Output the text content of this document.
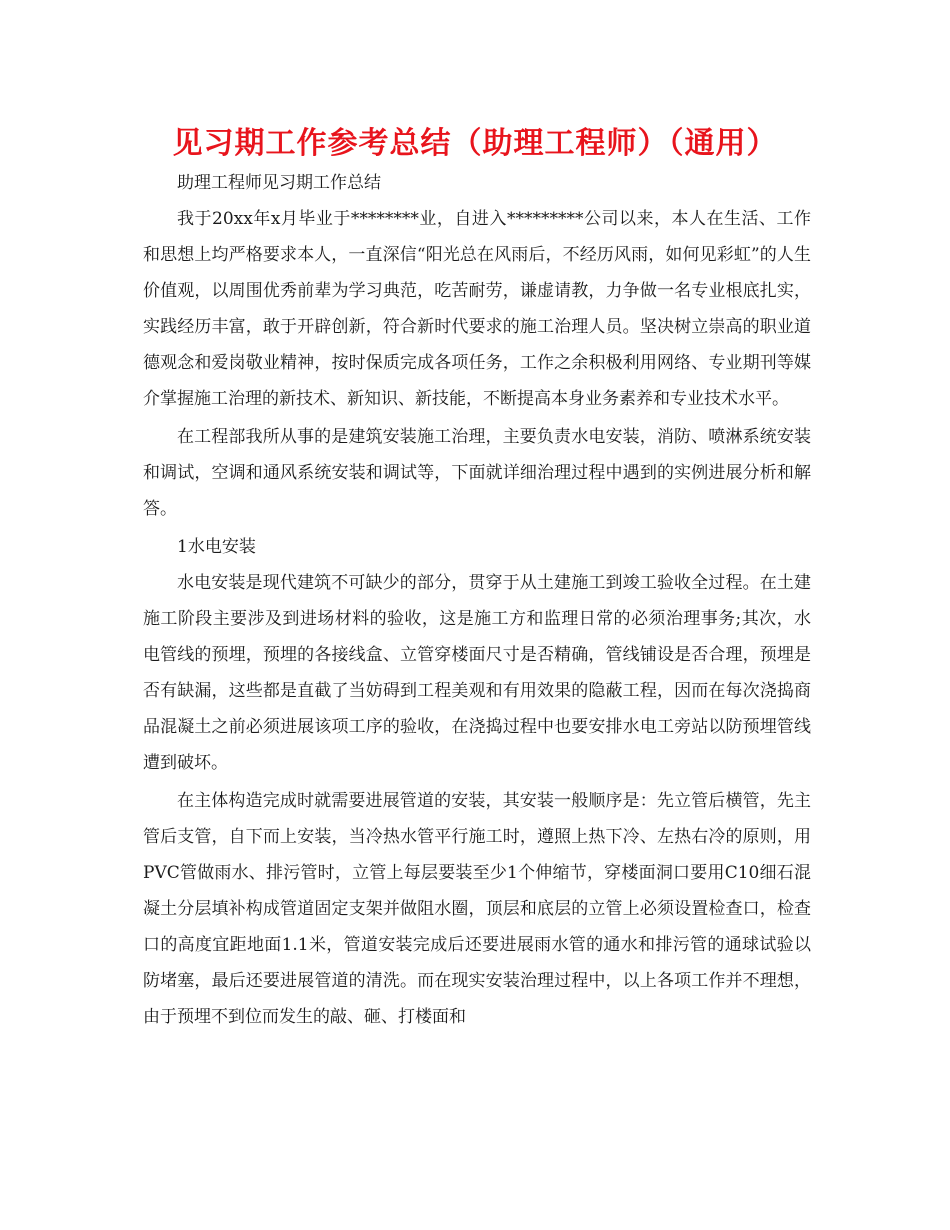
见习期工作参考总结（助理工程师）（通用）

助理工程师见习期工作总结

我于20xx年x月毕业于********业，自进入*********公司以来，本人在生活、工作和思想上均严格要求本人，一直深信“阳光总在风雨后，不经历风雨，如何见彩虹”的人生价值观，以周围优秀前辈为学习典范，吃苦耐劳，谦虚请教，力争做一名专业根底扎实，实践经历丰富，敢于开辟创新，符合新时代要求的施工治理人员。坚决树立崇高的职业道德观念和爱岗敬业精神，按时保质完成各项任务，工作之余积极利用网络、专业期刊等媒介掌握施工治理的新技术、新知识、新技能，不断提高本身业务素养和专业技术水平。

在工程部我所从事的是建筑安装施工治理，主要负责水电安装，消防、喷淋系统安装和调试，空调和通风系统安装和调试等，下面就详细治理过程中遇到的实例进展分析和解答。

1水电安装

水电安装是现代建筑不可缺少的部分，贯穿于从土建施工到竣工验收全过程。在土建施工阶段主要涉及到进场材料的验收，这是施工方和监理日常的必须治理事务;其次，水电管线的预埋，预埋的各接线盒、立管穿楼面尺寸是否精确，管线铺设是否合理，预埋是否有缺漏，这些都是直截了当妨碍到工程美观和有用效果的隐蔽工程，因而在每次浇捣商品混凝土之前必须进展该项工序的验收，在浇捣过程中也要安排水电工旁站以防预埋管线遭到破坏。

在主体构造完成时就需要进展管道的安装，其安装一般顺序是：先立管后横管，先主管后支管，自下而上安装，当冷热水管平行施工时，遵照上热下冷、左热右冷的原则，用PVC管做雨水、排污管时，立管上每层要装至少1个伸缩节，穿楼面洞口要用C10细石混凝土分层填补构成管道固定支架并做阻水圈，顶层和底层的立管上必须设置检查口，检查口的高度宜距地面1.1米，管道安装完成后还要进展雨水管的通水和排污管的通球试验以防堵塞，最后还要进展管道的清洗。而在现实安装治理过程中，以上各项工作并不理想，由于预埋不到位而发生的敲、砸、打楼面和
